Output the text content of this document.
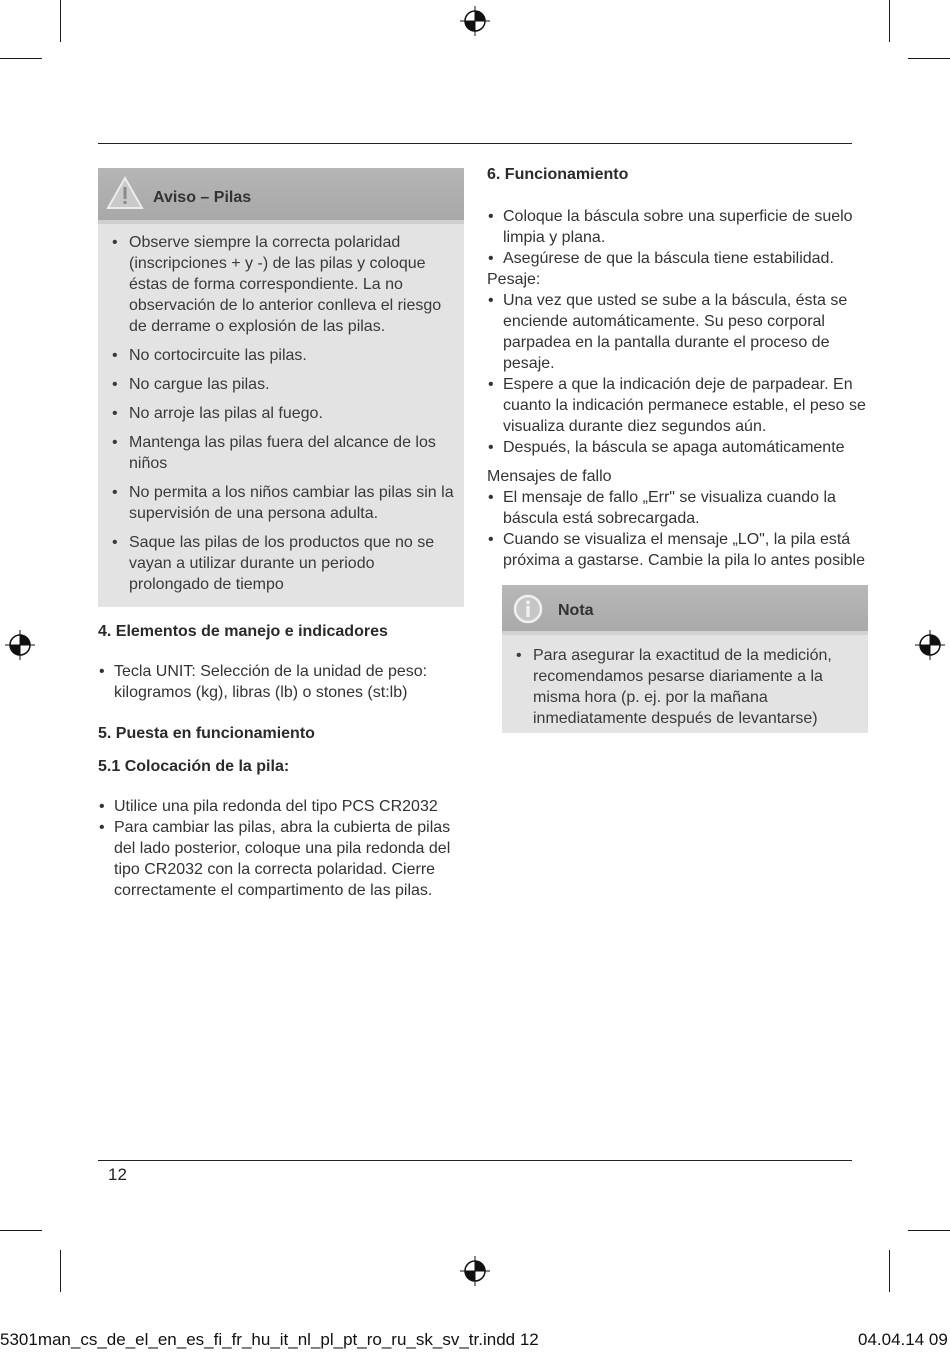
Aviso – Pilas
• Observe siempre la correcta polaridad (inscripciones + y -) de las pilas y coloque éstas de forma correspondiente. La no observación de lo anterior conlleva el riesgo de derrame o explosión de las pilas.
• No cortocircuite las pilas.
• No cargue las pilas.
• No arroje las pilas al fuego.
• Mantenga las pilas fuera del alcance de los niños
• No permita a los niños cambiar las pilas sin la supervisión de una persona adulta.
• Saque las pilas de los productos que no se vayan a utilizar durante un periodo prolongado de tiempo
4. Elementos de manejo e indicadores
• Tecla UNIT: Selección de la unidad de peso: kilogramos (kg), libras (lb) o stones (st:lb)
5. Puesta en funcionamiento
5.1 Colocación de la pila:
• Utilice una pila redonda del tipo PCS CR2032
• Para cambiar las pilas, abra la cubierta de pilas del lado posterior, coloque una pila redonda del tipo CR2032 con la correcta polaridad. Cierre correctamente el compartimento de las pilas.
6. Funcionamiento
• Coloque la báscula sobre una superficie de suelo limpia y plana.
• Asegúrese de que la báscula tiene estabilidad.
Pesaje:
• Una vez que usted se sube a la báscula, ésta se enciende automáticamente. Su peso corporal parpadea en la pantalla durante el proceso de pesaje.
• Espere a que la indicación deje de parpadear. En cuanto la indicación permanece estable, el peso se visualiza durante diez segundos aún.
• Después, la báscula se apaga automáticamente
Mensajes de fallo
• El mensaje de fallo „Err" se visualiza cuando la báscula está sobrecargada.
• Cuando se visualiza el mensaje „LO", la pila está próxima a gastarse. Cambie la pila lo antes posible
Nota
• Para asegurar la exactitud de la medición, recomendamos pesarse diariamente a la misma hora (p. ej. por la mañana inmediatamente después de levantarse)
12
5301man_cs_de_el_en_es_fi_fr_hu_it_nl_pl_pt_ro_ru_sk_sv_tr.indd 12	04.04.14 09
